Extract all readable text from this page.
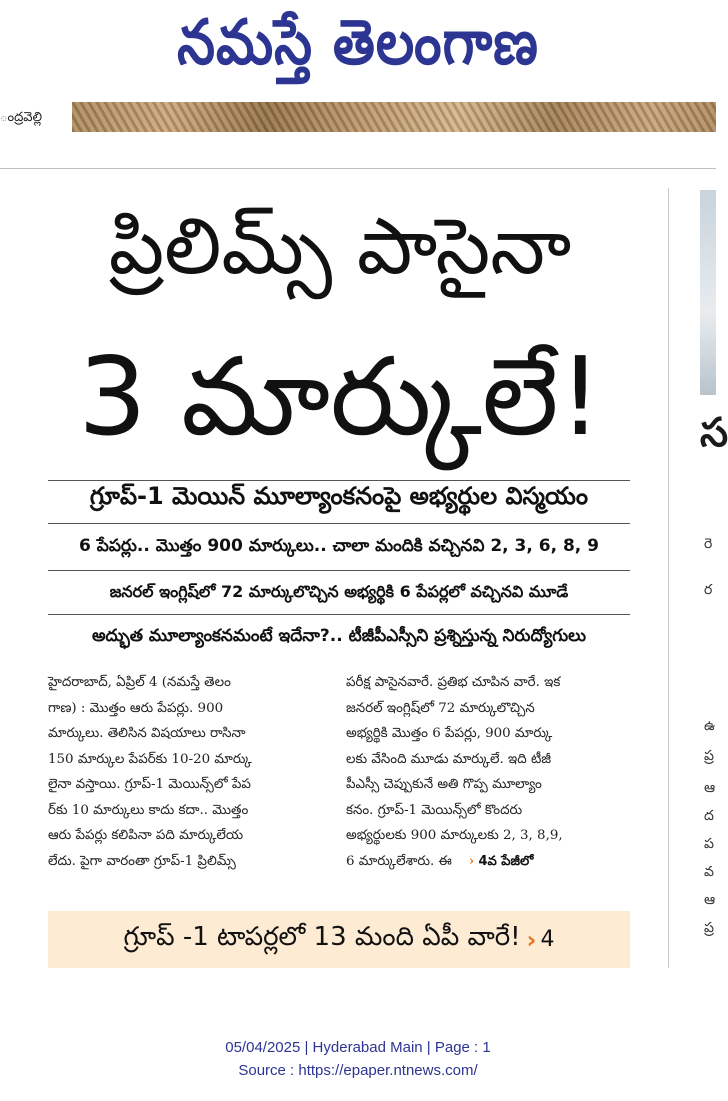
నమస్తే తెలంగాణ
ంద్రవెల్లి
స
రె
ర
ఉ
ప్ర
ఆ
ద
ప
వ
ఆ
ప్ర
ప్రిలిమ్స్ పాసైనా
3 మార్కులే!
గ్రూప్-1 మెయిన్ మూల్యాంకనంపై అభ్యర్థుల విస్మయం
6 పేపర్లు.. మొత్తం 900 మార్కులు.. చాలా మందికి వచ్చినవి 2, 3, 6, 8, 9
జనరల్ ఇంగ్లిష్‌లో 72 మార్కులొచ్చిన అభ్యర్థికి 6 పేపర్లలో వచ్చినవి మూడే
అద్భుత మూల్యాంకనమంటే ఇదేనా?.. టీజీపీఎస్సీని ప్రశ్నిస్తున్న నిరుద్యోగులు
హైదరాబాద్, ఏప్రిల్ 4 (నమస్తే తెలం
గాణ) : మొత్తం ఆరు పేపర్లు. 900
మార్కులు. తెలిసిన విషయాలు రాసినా
150 మార్కుల పేపర్‌కు 10-20 మార్కు
లైనా వస్తాయి. గ్రూప్-1 మెయిన్స్‌లో పేప
ర్‌కు 10 మార్కులు కాదు కదా.. మొత్తం
ఆరు పేపర్లు కలిపినా పది మార్కులేయ
లేదు. పైగా వారంతా గ్రూప్-1 ప్రిలిమ్స్
పరీక్ష పాసైనవారే. ప్రతిభ చూపిన వారే. ఇక
జనరల్ ఇంగ్లిష్‌లో 72 మార్కులొచ్చిన
అభ్యర్థికి మొత్తం 6 పేపర్లు, 900 మార్కు
లకు వేసింది మూడు మార్కులే. ఇది టీజీ
పీఎస్సీ చెప్పుకునే అతి గొప్ప మూల్యాం
కనం. గ్రూప్-1 మెయిన్స్‌లో కొందరు
అభ్యర్థులకు 900 మార్కులకు 2, 3, 8,9,
6 మార్కులేశారు. ఈ › 4వ పేజీలో
గ్రూప్ -1 టాపర్లలో 13 మంది ఏపీ వారే! › 4
05/04/2025 | Hyderabad Main | Page : 1
Source : https://epaper.ntnews.com/
